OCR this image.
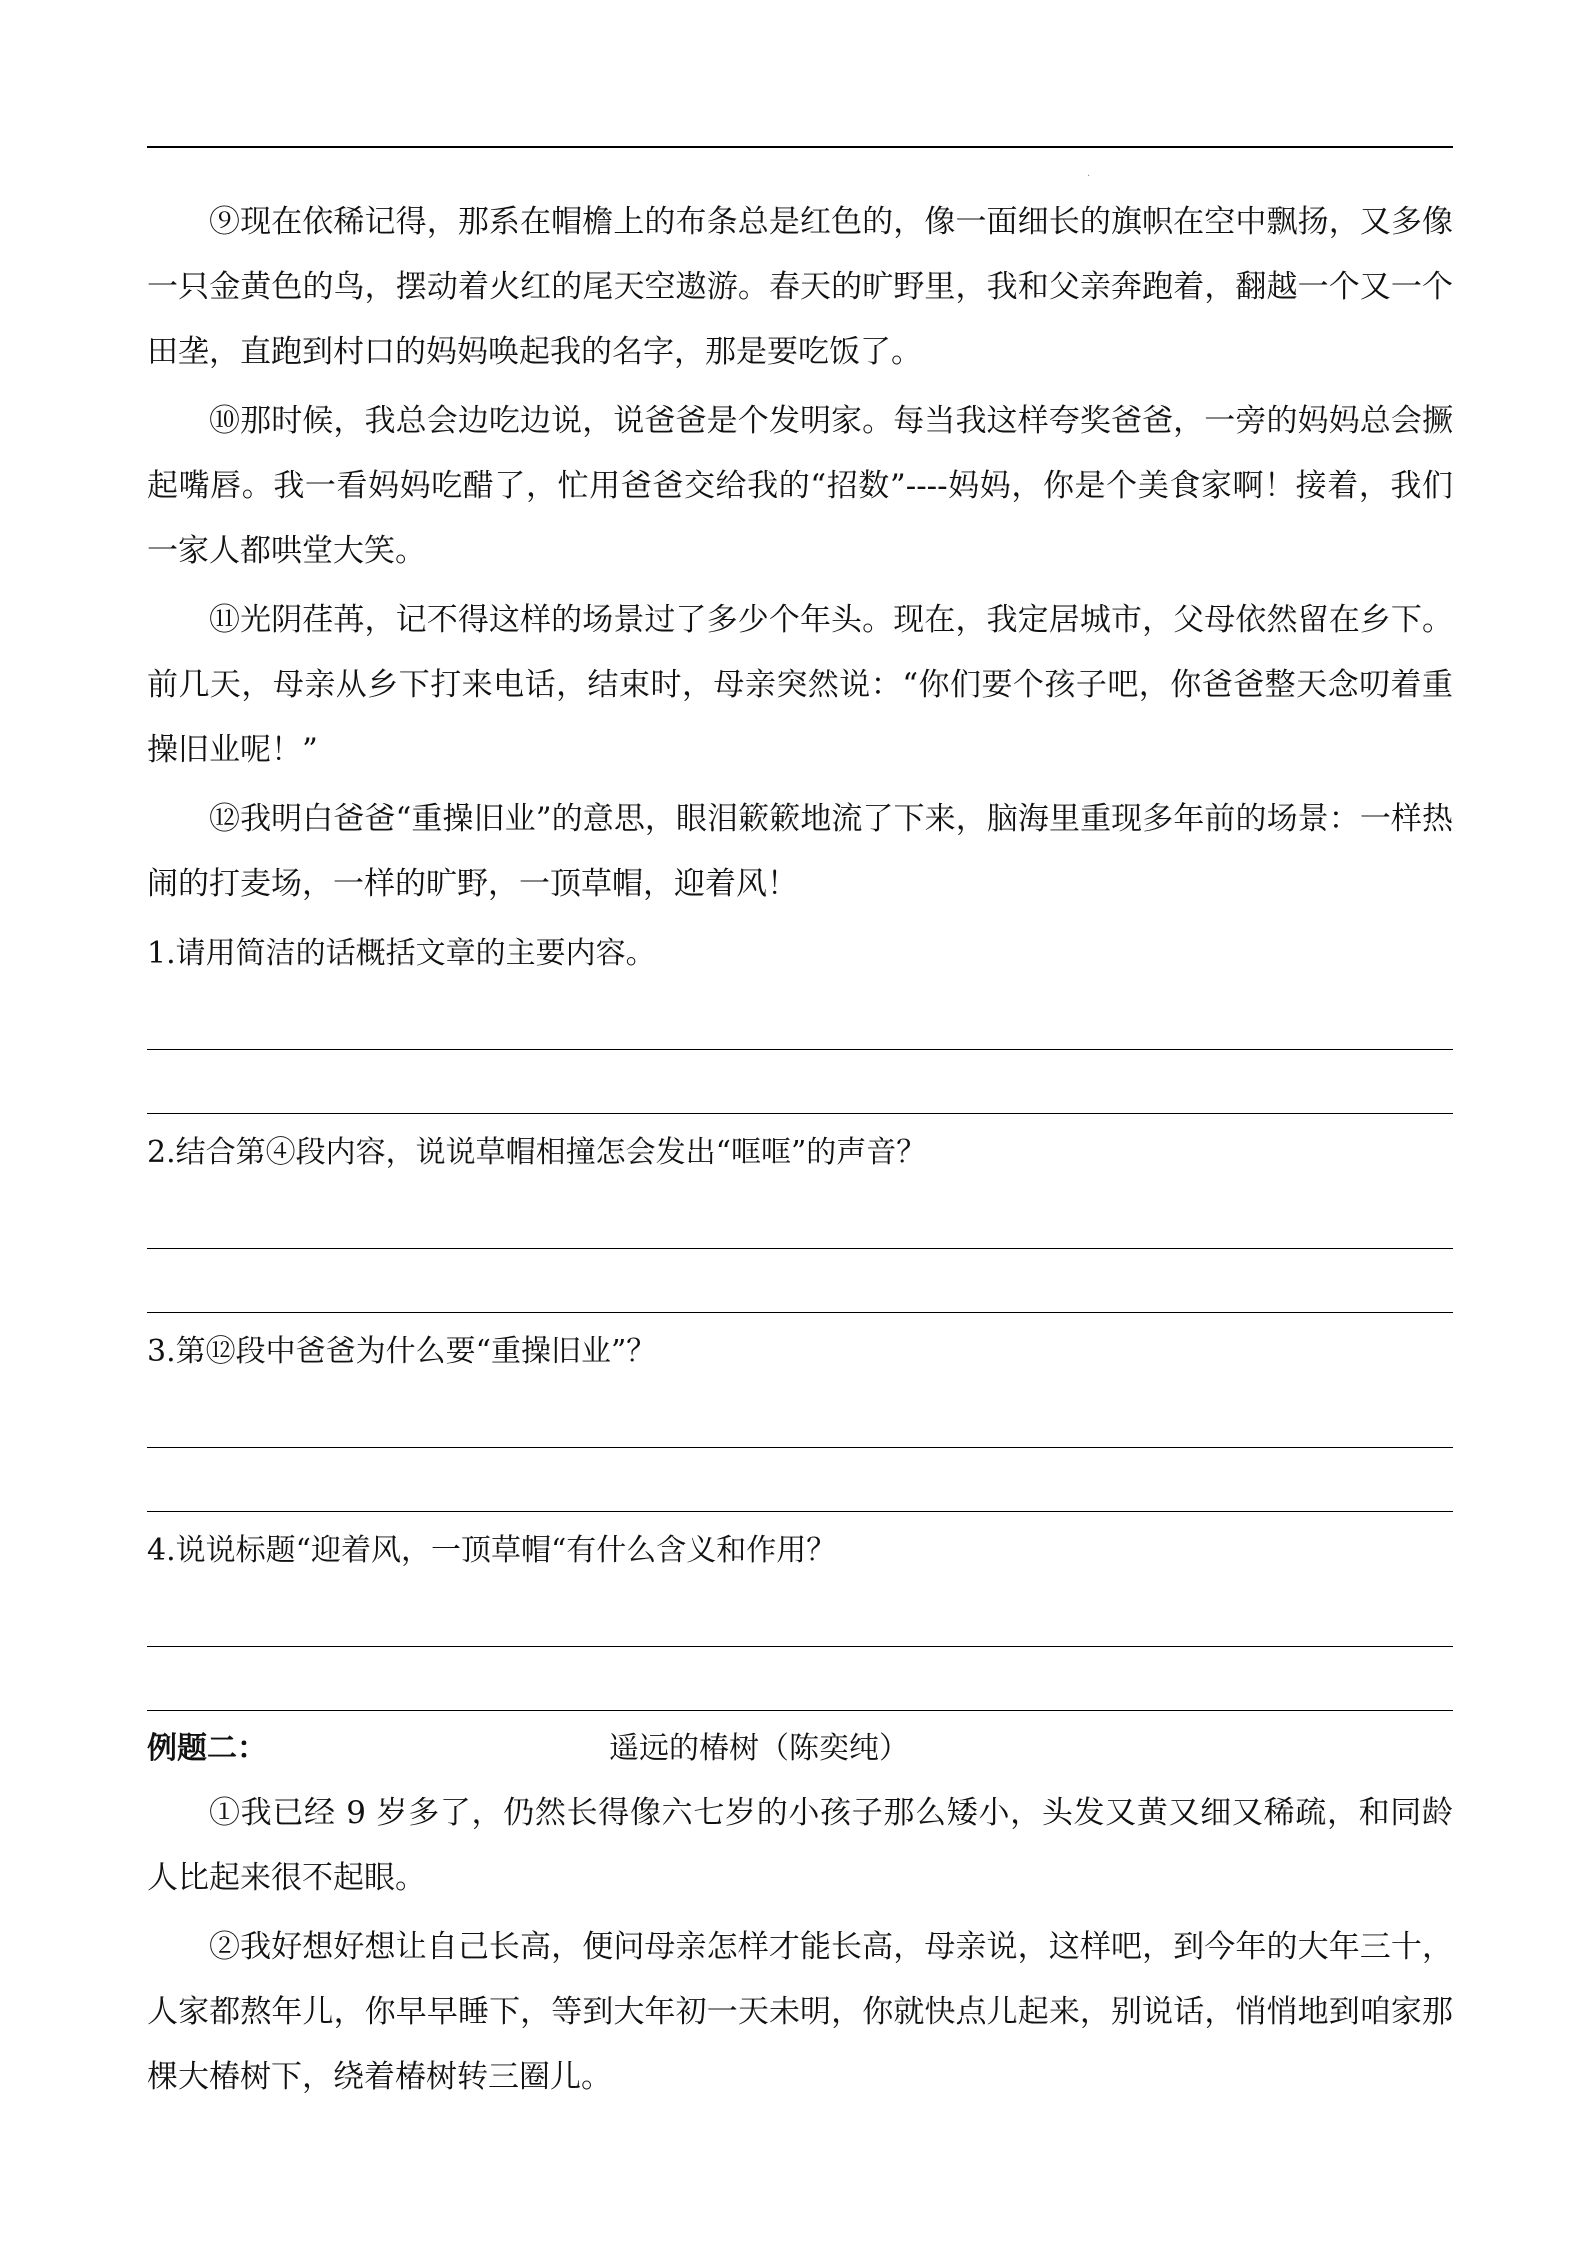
.

⑨现在依稀记得，那系在帽檐上的布条总是红色的，像一面细长的旗帜在空中飘扬，又多像一只金黄色的鸟，摆动着火红的尾天空遨游。春天的旷野里，我和父亲奔跑着，翻越一个又一个田垄，直跑到村口的妈妈唤起我的名字，那是要吃饭了。

⑩那时候，我总会边吃边说，说爸爸是个发明家。每当我这样夸奖爸爸，一旁的妈妈总会撅起嘴唇。我一看妈妈吃醋了，忙用爸爸交给我的“招数”----妈妈，你是个美食家啊！接着，我们一家人都哄堂大笑。

⑪光阴荏苒，记不得这样的场景过了多少个年头。现在，我定居城市，父母依然留在乡下。前几天，母亲从乡下打来电话，结束时，母亲突然说：“你们要个孩子吧，你爸爸整天念叨着重操旧业呢！”

⑫我明白爸爸“重操旧业”的意思，眼泪簌簌地流了下来，脑海里重现多年前的场景：一样热闹的打麦场，一样的旷野，一顶草帽，迎着风！

1.请用简洁的话概括文章的主要内容。

2.结合第④段内容，说说草帽相撞怎会发出“哐哐”的声音？

3.第⑫段中爸爸为什么要“重操旧业”？

4.说说标题“迎着风，一顶草帽“有什么含义和作用？

例题二：	遥远的椿树（陈奕纯）

①我已经 9 岁多了，仍然长得像六七岁的小孩子那么矮小，头发又黄又细又稀疏，和同龄人比起来很不起眼。

②我好想好想让自己长高，便问母亲怎样才能长高，母亲说，这样吧，到今年的大年三十，人家都熬年儿，你早早睡下，等到大年初一天未明，你就快点儿起来，别说话，悄悄地到咱家那棵大椿树下，绕着椿树转三圈儿。
